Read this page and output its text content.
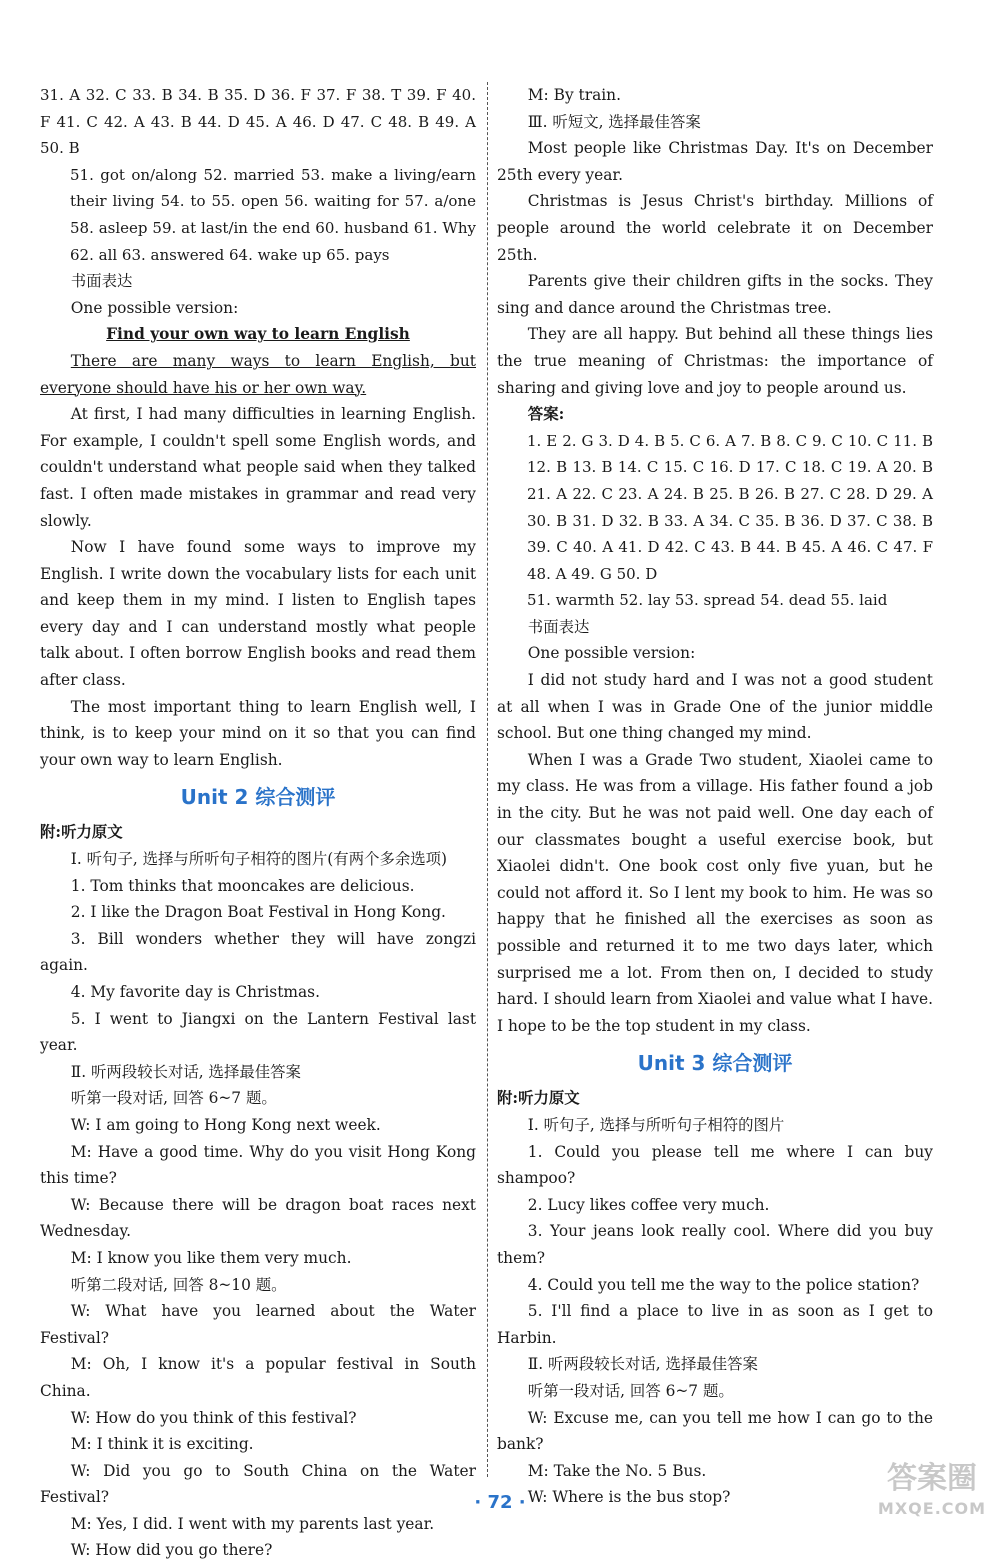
31. A 32. C 33. B 34. B 35. D 36. F 37. F 38. T 39. F 40. F 41. C 42. A 43. B 44. D 45. A 46. D 47. C 48. B 49. A 50. B

51. got on/along 52. married 53. make a living/earn their living 54. to 55. open 56. waiting for 57. a/one 58. asleep 59. at last/in the end 60. husband 61. Why 62. all 63. answered 64. wake up 65. pays

书面表达

One possible version:

Find your own way to learn English

There are many ways to learn English, but everyone should have his or her own way.

At first, I had many difficulties in learning English. For example, I couldn't spell some English words, and couldn't understand what people said when they talked fast. I often made mistakes in grammar and read very slowly.

Now I have found some ways to improve my English. I write down the vocabulary lists for each unit and keep them in my mind. I listen to English tapes every day and I can understand mostly what people talk about. I often borrow English books and read them after class.

The most important thing to learn English well, I think, is to keep your mind on it so that you can find your own way to learn English.

Unit 2 综合测评

附:听力原文

Ⅰ. 听句子, 选择与所听句子相符的图片(有两个多余选项)

1. Tom thinks that mooncakes are delicious.

2. I like the Dragon Boat Festival in Hong Kong.

3. Bill wonders whether they will have zongzi again.

4. My favorite day is Christmas.

5. I went to Jiangxi on the Lantern Festival last year.

Ⅱ. 听两段较长对话, 选择最佳答案

听第一段对话, 回答 6~7 题。

W: I am going to Hong Kong next week.

M: Have a good time. Why do you visit Hong Kong this time?

W: Because there will be dragon boat races next Wednesday.

M: I know you like them very much.

听第二段对话, 回答 8~10 题。

W: What have you learned about the Water Festival?

M: Oh, I know it's a popular festival in South China.

W: How do you think of this festival?

M: I think it is exciting.

W: Did you go to South China on the Water Festival?

M: Yes, I did. I went with my parents last year.

W: How did you go there?

M: By train.

Ⅲ. 听短文, 选择最佳答案

Most people like Christmas Day. It's on December 25th every year.

Christmas is Jesus Christ's birthday. Millions of people around the world celebrate it on December 25th.

Parents give their children gifts in the socks. They sing and dance around the Christmas tree.

They are all happy. But behind all these things lies the true meaning of Christmas: the importance of sharing and giving love and joy to people around us.

答案:

1. E 2. G 3. D 4. B 5. C 6. A 7. B 8. C 9. C 10. C 11. B 12. B 13. B 14. C 15. C 16. D 17. C 18. C 19. A 20. B 21. A 22. C 23. A 24. B 25. B 26. B 27. C 28. D 29. A 30. B 31. D 32. B 33. A 34. C 35. B 36. D 37. C 38. B 39. C 40. A 41. D 42. C 43. B 44. B 45. A 46. C 47. F 48. A 49. G 50. D

51. warmth 52. lay 53. spread 54. dead 55. laid

书面表达

One possible version:

I did not study hard and I was not a good student at all when I was in Grade One of the junior middle school. But one thing changed my mind.

When I was a Grade Two student, Xiaolei came to my class. He was from a village. His father found a job in the city. But he was not paid well. One day each of our classmates bought a useful exercise book, but Xiaolei didn't. One book cost only five yuan, but he could not afford it. So I lent my book to him. He was so happy that he finished all the exercises as soon as possible and returned it to me two days later, which surprised me a lot. From then on, I decided to study hard. I should learn from Xiaolei and value what I have. I hope to be the top student in my class.

Unit 3 综合测评

附:听力原文

Ⅰ. 听句子, 选择与所听句子相符的图片

1. Could you please tell me where I can buy shampoo?

2. Lucy likes coffee very much.

3. Your jeans look really cool. Where did you buy them?

4. Could you tell me the way to the police station?

5. I'll find a place to live in as soon as I get to Harbin.

Ⅱ. 听两段较长对话, 选择最佳答案

听第一段对话, 回答 6~7 题。

W: Excuse me, can you tell me how I can go to the bank?

M: Take the No. 5 Bus.

W: Where is the bus stop?

· 72 ·
答案圈
MXQE.COM
